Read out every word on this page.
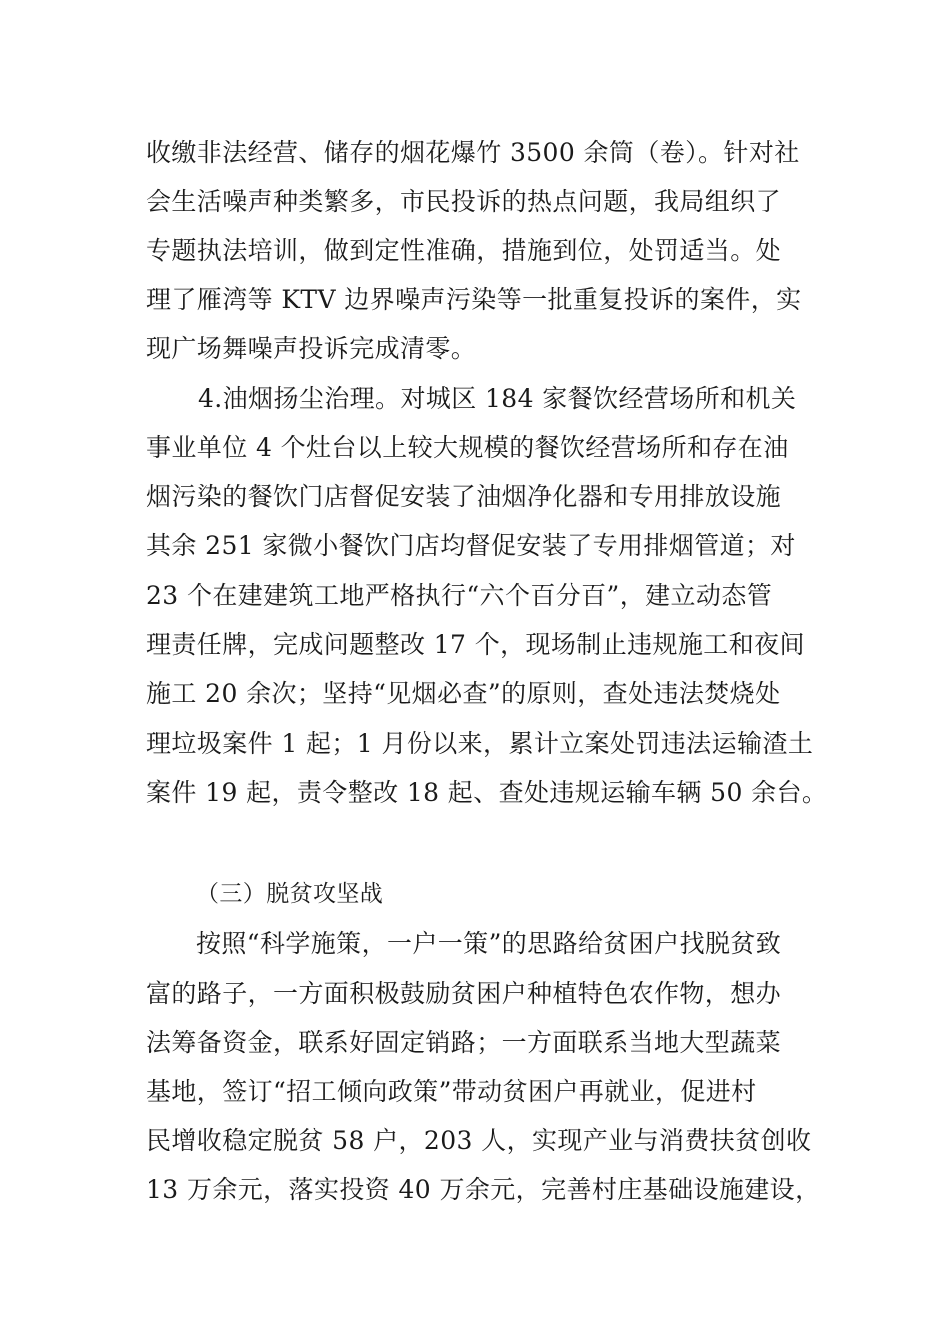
收缴非法经营、储存的烟花爆竹 3500 余筒（卷）。针对社
会生活噪声种类繁多，市民投诉的热点问题，我局组织了
专题执法培训，做到定性准确，措施到位，处罚适当。处
理了雁湾等 KTV 边界噪声污染等一批重复投诉的案件，实
现广场舞噪声投诉完成清零。
4.油烟扬尘治理。对城区 184 家餐饮经营场所和机关
事业单位 4 个灶台以上较大规模的餐饮经营场所和存在油
烟污染的餐饮门店督促安装了油烟净化器和专用排放设施
其余 251 家微小餐饮门店均督促安装了专用排烟管道；对
23 个在建建筑工地严格执行“六个百分百”，建立动态管
理责任牌，完成问题整改 17 个，现场制止违规施工和夜间
施工 20 余次；坚持“见烟必查”的原则，查处违法焚烧处
理垃圾案件 1 起；1 月份以来，累计立案处罚违法运输渣土
案件 19 起，责令整改 18 起、查处违规运输车辆 50 余台。
（三）脱贫攻坚战
按照“科学施策，一户一策”的思路给贫困户找脱贫致
富的路子，一方面积极鼓励贫困户种植特色农作物，想办
法筹备资金，联系好固定销路；一方面联系当地大型蔬菜
基地，签订“招工倾向政策”带动贫困户再就业，促进村
民增收稳定脱贫 58 户，203 人，实现产业与消费扶贫创收
13 万余元，落实投资 40 万余元，完善村庄基础设施建设，
